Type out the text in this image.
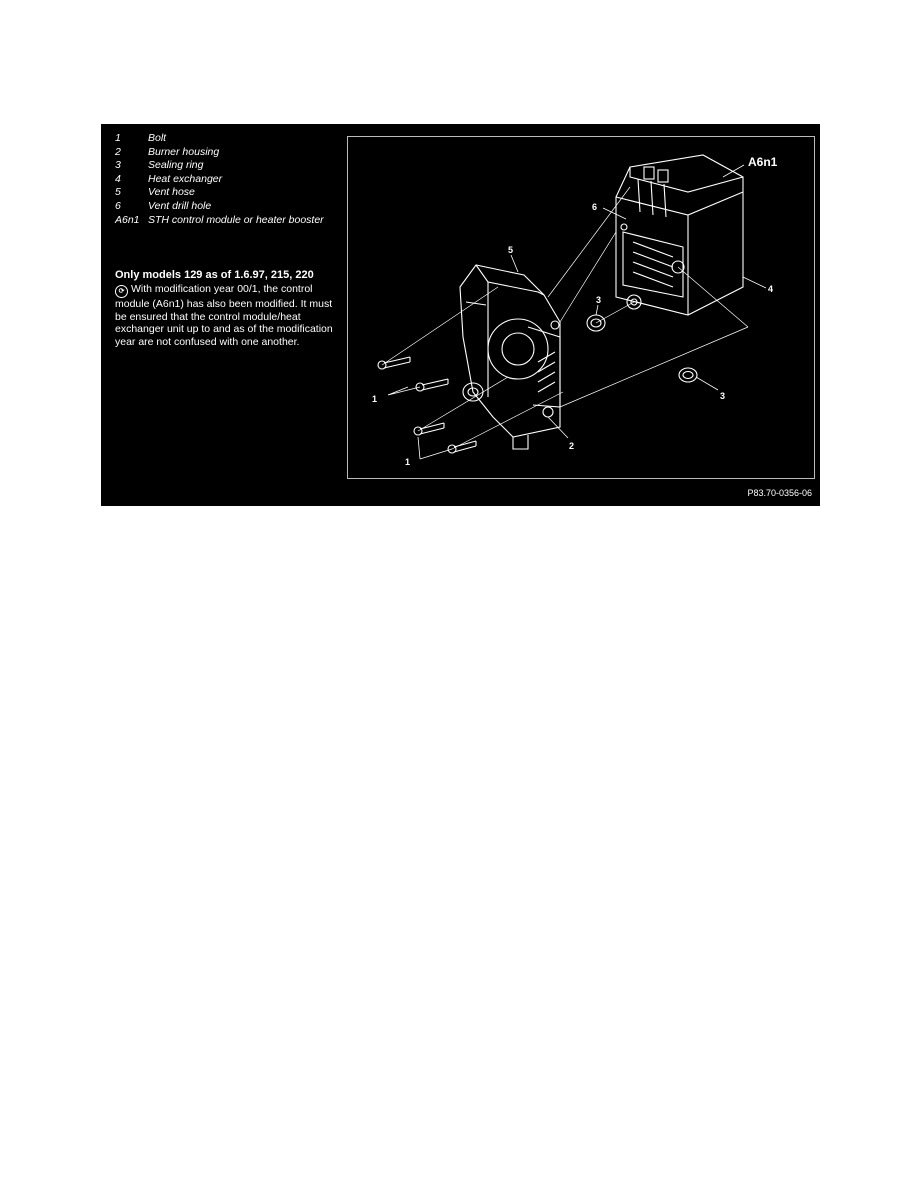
1	Bolt
2	Burner housing
3	Sealing ring
4	Heat exchanger
5	Vent hose
6	Vent drill hole
A6n1 STH control module or heater booster
Only models 129 as of 1.6.97, 215, 220
⟳ With modification year 00/1, the control module (A6n1) has also been modified. It must be ensured that the control module/heat exchanger unit up to and as of the modification year are not confused with one another.
1
1
2
3
3
4
5
6
A6n1
P83.70-0356-06
